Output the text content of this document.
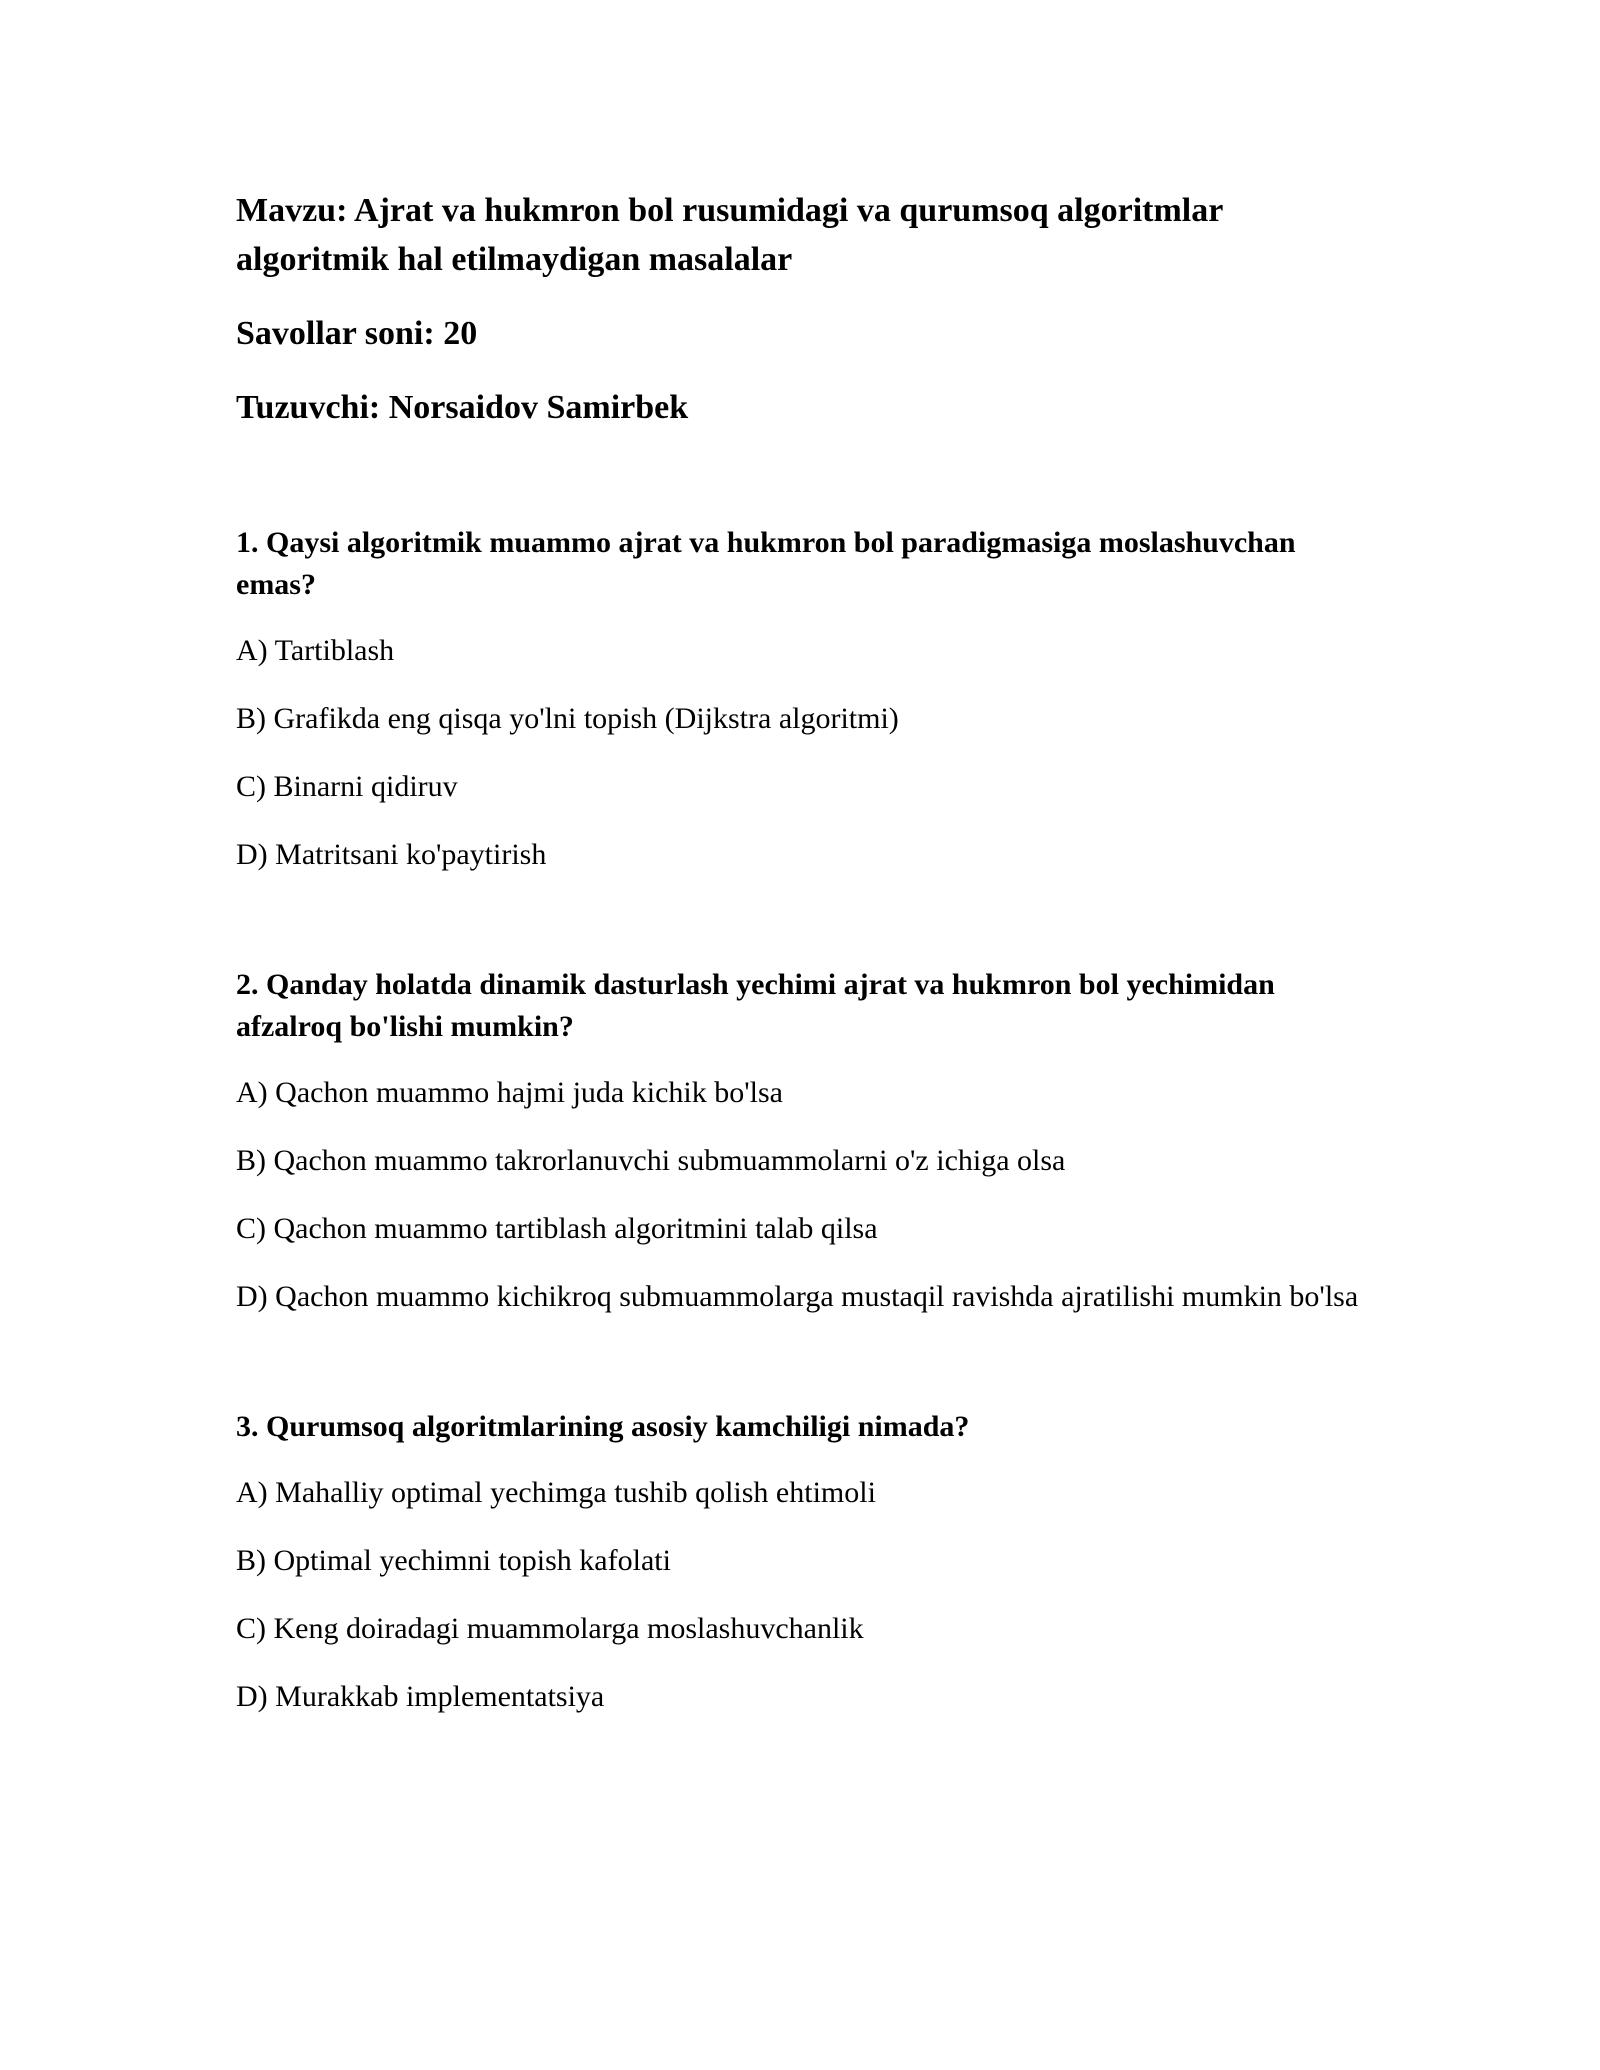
Mavzu: Ajrat va hukmron bol rusumidagi va qurumsoq algoritmlar algoritmik hal etilmaydigan masalalar
Savollar soni: 20
Tuzuvchi: Norsaidov Samirbek

1. Qaysi algoritmik muammo ajrat va hukmron bol paradigmasiga moslashuvchan emas?

A) Tartiblash

B) Grafikda eng qisqa yo'lni topish (Dijkstra algoritmi)

C) Binarni qidiruv

D) Matritsani ko'paytirish

2. Qanday holatda dinamik dasturlash yechimi ajrat va hukmron bol yechimidan afzalroq bo'lishi mumkin?

A) Qachon muammo hajmi juda kichik bo'lsa

B) Qachon muammo takrorlanuvchi submuammolarni o'z ichiga olsa

C) Qachon muammo tartiblash algoritmini talab qilsa

D) Qachon muammo kichikroq submuammolarga mustaqil ravishda ajratilishi mumkin bo'lsa

3. Qurumsoq algoritmlarining asosiy kamchiligi nimada?

A) Mahalliy optimal yechimga tushib qolish ehtimoli

B) Optimal yechimni topish kafolati

C) Keng doiradagi muammolarga moslashuvchanlik

D) Murakkab implementatsiya
